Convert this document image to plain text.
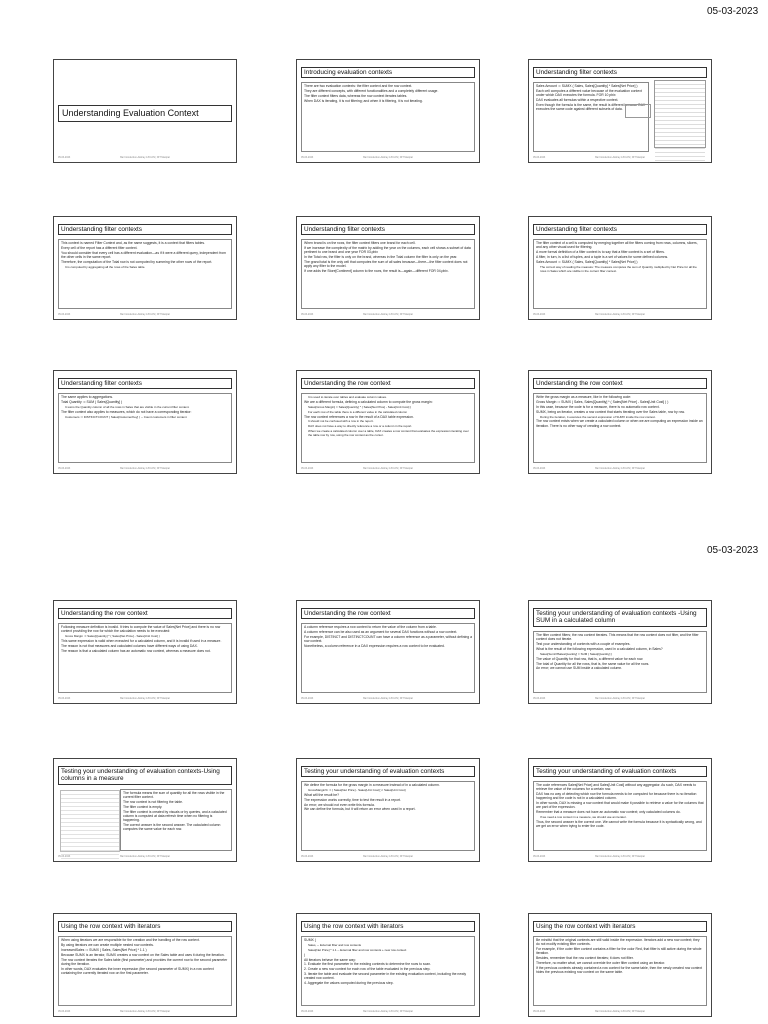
05-03-2023
05-03-2023
Understanding Evaluation Context
05-03-2023	Bai Introduction-Akshay A B LDS | RIT Manipal
Introducing evaluation contexts

There are two evaluation contexts: the filter context and the row context.

They are different concepts, with different functionalities and a completely different usage.

The filter context filters data, whereas the row context iterates tables.

When DAX is iterating, it is not filtering; and when it is filtering, it is not iterating.

05-03-2023	Bai Introduction-Akshay A B LDS | RIT Manipal
Understanding filter contexts

Sales Amount := SUMX ( Sales, Sales[Quantity] * Sales[Net Price] )

Each cell computes a different value because of the evaluation context under which DAX executes the formula. FOR 10 pbix

DAX evaluates all formulas within a respective context.

Even though the formula is the same, the result is different because DAX executes the same code against different subsets of data.

05-03-2023	Bai Introduction-Akshay A B LDS | RIT Manipal
Understanding filter contexts

This context is named Filter Context and, as the name suggests, it is a context that filters tables.

Every cell of the report has a different filter context.

You should consider that every cell has a different evaluation—as if it were a different query, independent from the other cells in the same report.

Therefore, the computation of the Total row is not computed by summing the other rows of the report.

It is computed by aggregating all the rows of the Sales table.

05-03-2023	Bai Introduction-Akshay A B LDS | RIT Manipal
Understanding filter contexts

When brand is on the rows, the filter context filters one brand for each cell.

If we increase the complexity of the matrix by adding the year on the columns, each cell shows a subset of data pertinent to one brand and one year FOR 03.pbix

In the Total row, the filter is only on the brand, whereas in the Total column the filter is only on the year.

The grand total is the only cell that computes the sum of all sales because—there—the filter context does not apply any filter to the model.

If one adds the Store[Continent] column to the rows, the result is—again—different FOR 04.pbix.

05-03-2023	Bai Introduction-Akshay A B LDS | RIT Manipal
Understanding filter contexts

The filter context of a cell is computed by merging together all the filters coming from rows, columns, slicers, and any other visual used for filtering.

A more formal definition of a filter context is to say that a filter context is a set of filters.

A filter, in turn, is a list of tuples, and a tuple is a set of values for some defined columns.

Sales Amount := SUMX ( Sales, Sales[Quantity] * Sales[Net Price] )

The correct way of reading the measure: The measure computes the sum of Quantity multiplied by Net Price for all the rows in Sales which are visible in the current filter context.

05-03-2023	Bai Introduction-Akshay A B LDS | RIT Manipal
Understanding filter contexts

The same applies to aggregations.

Total Quantity := SUM ( Sales[Quantity] )

It sums the Quantity column of all the rows in Sales that are visible in the current filter context.

The filter context also applies to measures, which do not have a corresponding iterator:

Customers := DISTINCTCOUNT ( Sales[CustomerKey] ) -- Count customers in filter context

05-03-2023	Bai Introduction-Akshay A B LDS | RIT Manipal
Understanding the row context

It is used to iterate over tables and evaluate column values.

We are a different formula, defining a calculated column to compute the gross margin:

Sales[Gross Margin] = Sales[Quantity] * ( Sales[Net Price] - Sales[Unit Cost] )

For each row of the table there is a different value in the calculated column

The row context references a row in the result of a DAX table expression.

It should not be confused with a row in the report.

DAX does not have a way to directly reference a row or a column in the report.

When we create a calculated column over a table, DAX creates a row context that evaluates the expression iterating over the table row by row, using the row context as the cursor.

05-03-2023	Bai Introduction-Akshay A B LDS | RIT Manipal
Understanding the row context

Write the gross margin as a measure, like in the following code:

Gross Margin := SUMX ( Sales, Sales[Quantity] * ( Sales[Net Price] - Sales[Unit Cost] ) )

In this case, because the code is for a measure, there is no automatic row context.

SUMX, being an iterator, creates a row context that starts iterating over the Sales table, row by row.

During the iteration, it executes the second expression of SUMX inside the row context.

The row context exists when we create a calculated column or when we are computing an expression inside an iteration. There is no other way of creating a row context.

05-03-2023	Bai Introduction-Akshay A B LDS | RIT Manipal
Understanding the row context

Following measure definition is invalid. It tries to compute the value of Sales[Net Price] and there is no row context providing the row for which the calculation needs to be executed:

Gross Margin := Sales[Quantity] * ( Sales[Net Price] - Sales[Unit Cost] )

This same expression is valid when executed for a calculated column, and it is invalid if used in a measure.

The reason is not that measures and calculated columns have different ways of using DAX.

The reason is that a calculated column has an automatic row context, whereas a measure does not.

05-03-2023	Bai Introduction-Akshay A B LDS | RIT Manipal
Understanding the row context

A column reference requires a row context to return the value of the column from a table.

A column reference can be also used as an argument for several DAX functions without a row context.

For example, DISTINCT and DISTINCTCOUNT can have a column reference as a parameter, without defining a row context.

Nonetheless, a column reference in a DAX expression requires a row context to be evaluated.

05-03-2023	Bai Introduction-Akshay A B LDS | RIT Manipal
Testing your understanding of evaluation contexts -Using SUM in a calculated column

The filter context filters; the row context iterates. This means that the row context does not filter, and the filter context does not iterate.

Test your understanding of contexts with a couple of examples.

What is the result of the following expression, used in a calculated column, in Sales?

Sales[SumOfSalesQuantity] = SUM ( Sales[Quantity] )

The value of Quantity for that row, that is, a different value for each row.

The total of Quantity for all the rows, that is, the same value for all the rows.

An error; we cannot use SUM inside a calculated column.

05-03-2023	Bai Introduction-Akshay A B LDS | RIT Manipal
Testing your understanding of evaluation contexts-Using columns in a measure

The formula means the sum of quantity for all the rows visible in the current filter context.

The row context is not filtering the table.

The filter context is empty.

The filter context is created by visuals or by queries, and a calculated column is computed at data refresh time when no filtering is happening.

The correct answer is the second answer. The calculated column computes the same value for each row.

05-03-2023	Bai Introduction-Akshay A B LDS | RIT Manipal
Testing your understanding of evaluation contexts

We define the formula for the gross margin in a measure instead of in a calculated column.

GrossMargin% := ( Sales[Net Price] - Sales[Unit Cost] ) / Sales[Unit Cost]

What will the result be?

The expression works correctly, time to test the result in a report.

An error; we should not even write this formula.

We can define the formula, but it will return an error when used in a report.

05-03-2023	Bai Introduction-Akshay A B LDS | RIT Manipal
Testing your understanding of evaluation contexts

The code references Sales[Net Price] and Sales[Unit Cost] without any aggregator. As such, DAX needs to retrieve the value of the columns for a certain row.

DAX has no way of detecting which row the formula needs to be computed for because there is no iteration happening and the code is not in a calculated column.

In other words, DAX is missing a row context that would make it possible to retrieve a value for the columns that are part of the expression.

Remember that a measure does not have an automatic row context; only calculated columns do.

If we need a row context in a measure, we should use an iterator.

Thus, the second answer is the correct one. We cannot write the formula because it is syntactically wrong, and we get an error when trying to enter the code.

05-03-2023	Bai Introduction-Akshay A B LDS | RIT Manipal
Using the row context with iterators

When using iterators we are responsible for the creation and the handling of the row context.

By using iterators we can create multiple nested row contexts.

IncreasedSales := SUMX ( Sales, Sales[Net Price] * 1.1 )

Because SUMX is an iterator, SUMX creates a row context on the Sales table and uses it during the iteration.

The row context iterates the Sales table (first parameter) and provides the current row to the second parameter during the iteration.

In other words, DAX evaluates the inner expression (the second parameter of SUMX) in a row context containing the currently iterated row on the first parameter.

05-03-2023	Bai Introduction-Akshay A B LDS | RIT Manipal
Using the row context with iterators

SUMX (

Sales, -- External filter and row contexts

Sales[Net Price] * 1.1 -- External filter and row contexts + new row context

)

All iterators behave the same way:

1. Evaluate the first parameter in the existing contexts to determine the rows to scan.

2. Create a new row context for each row of the table evaluated in the previous step.

3. Iterate the table and evaluate the second parameter in the existing evaluation context, including the newly created row context.

4. Aggregate the values computed during the previous step.

05-03-2023	Bai Introduction-Akshay A B LDS | RIT Manipal
Using the row context with iterators

Be mindful that the original contexts are still valid inside the expression. Iterators add a new row context; they do not modify existing filter contexts.

For example, if the outer filter context contains a filter for the color Red, that filter is still active during the whole iteration.

Besides, remember that the row context iterates; it does not filter.

Therefore, no matter what, we cannot override the outer filter context using an iterator.

If the previous contexts already contained a row context for the same table, then the newly created row context hides the previous existing row context on the same table.

05-03-2023	Bai Introduction-Akshay A B LDS | RIT Manipal
